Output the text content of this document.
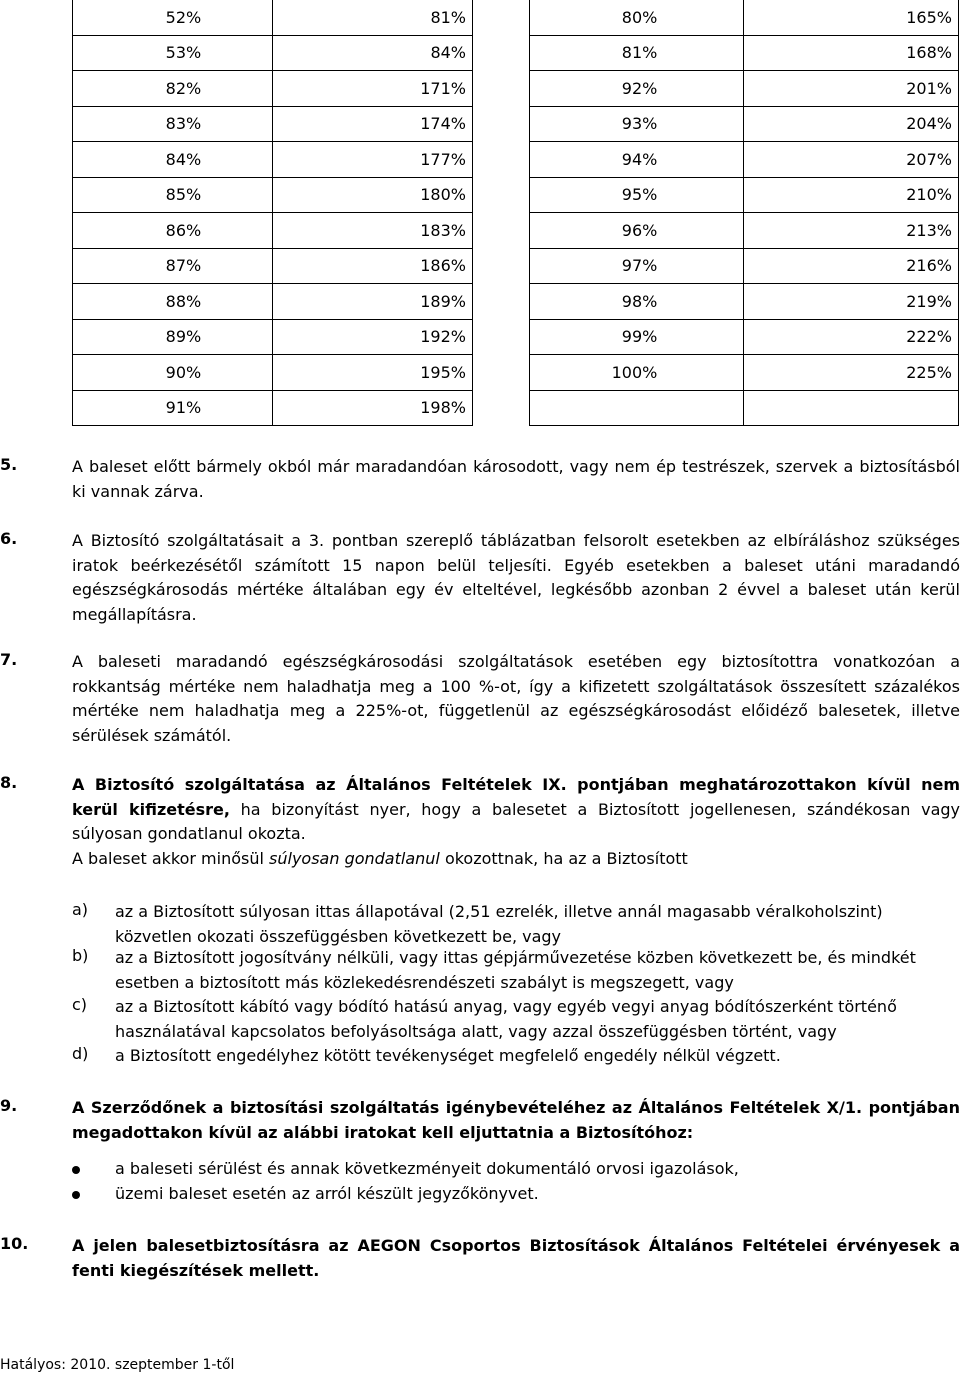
52%	81%
53%	84%
82%	171%
83%	174%
84%	177%
85%	180%
86%	183%
87%	186%
88%	189%
89%	192%
90%	195%
91%	198%
80%	165%
81%	168%
92%	201%
93%	204%
94%	207%
95%	210%
96%	213%
97%	216%
98%	219%
99%	222%
100%	225%

5.	A baleset előtt bármely okból már maradandóan károsodott, vagy nem ép testrészek, szervek a biztosításból ki vannak zárva.
6.	A Biztosító szolgáltatásait a 3. pontban szereplő táblázatban felsorolt esetekben az elbíráláshoz szükséges iratok beérkezésétől számított 15 napon belül teljesíti. Egyéb esetekben a baleset utáni maradandó egészségkárosodás mértéke általában egy év elteltével, legkésőbb azonban 2 évvel a baleset után kerül megállapításra.
7.	A baleseti maradandó egészségkárosodási szolgáltatások esetében egy biztosítottra vonatkozóan a rokkantság mértéke nem haladhatja meg a 100 %-ot, így a kifizetett szolgáltatások összesített százalékos mértéke nem haladhatja meg a 225%-ot, függetlenül az egészségkárosodást előidéző balesetek, illetve sérülések számától.
8.	A Biztosító szolgáltatása az Általános Feltételek IX. pontjában meghatározottakon kívül nem kerül kifizetésre, ha bizonyítást nyer, hogy a balesetet a Biztosított jogellenesen, szándékosan vagy súlyosan gondatlanul okozta.
A baleset akkor minősül súlyosan gondatlanul okozottnak, ha az a Biztosított
a) az a Biztosított súlyosan ittas állapotával (2,51 ezrelék, illetve annál magasabb véralkoholszint) közvetlen okozati összefüggésben következett be, vagy
b) az a Biztosított jogosítvány nélküli, vagy ittas gépjárművezetése közben következett be, és mindkét esetben a biztosított más közlekedésrendészeti szabályt is megszegett, vagy
c) az a Biztosított kábító vagy bódító hatású anyag, vagy egyéb vegyi anyag bódítószerként történő használatával kapcsolatos befolyásoltsága alatt, vagy azzal összefüggésben történt, vagy
d) a Biztosított engedélyhez kötött tevékenységet megfelelő engedély nélkül végzett.
9.	A Szerződőnek a biztosítási szolgáltatás igénybevételéhez az Általános Feltételek X/1. pontjában megadottakon kívül az alábbi iratokat kell eljuttatnia a Biztosítóhoz:
a baleseti sérülést és annak következményeit dokumentáló orvosi igazolások,
üzemi baleset esetén az arról készült jegyzőkönyvet.
10.	A jelen balesetbiztosításra az AEGON Csoportos Biztosítások Általános Feltételei érvényesek a fenti kiegészítések mellett.
Hatályos: 2010. szeptember 1-től
